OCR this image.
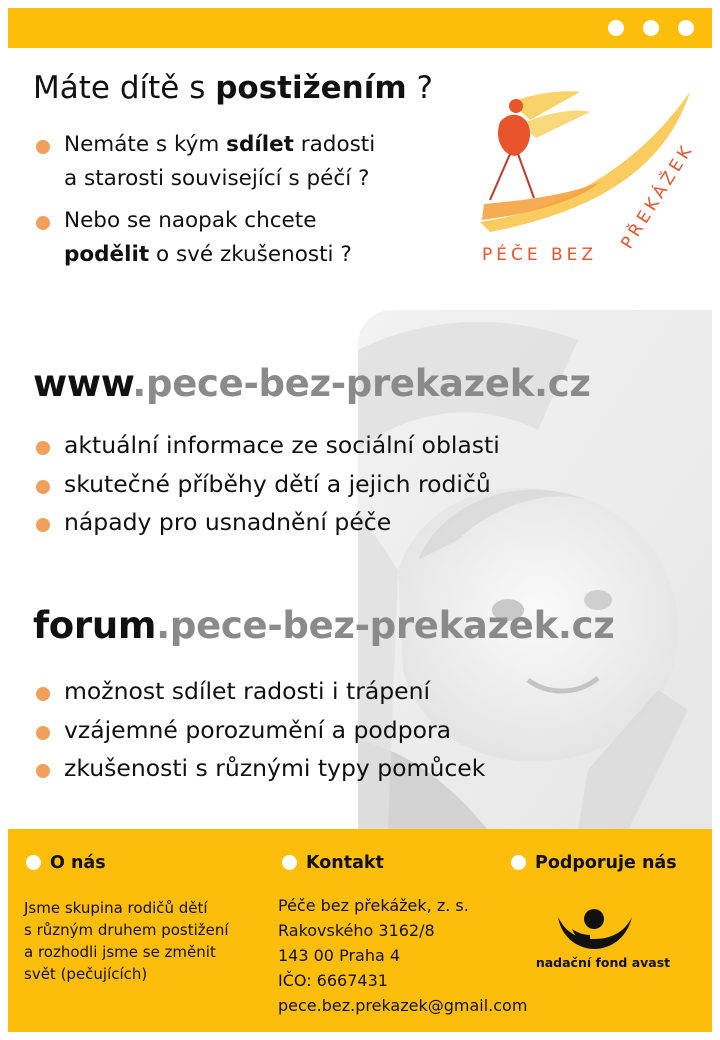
Máte dítě s postižením ?
Nemáte s kým sdílet radosti
a starosti související s péčí ?
Nebo se naopak chcete
podělit o své zkušenosti ?	PÉČE BEZ
PŘEKÁŽEK
www.pece-bez-prekazek.cz
aktuální informace ze sociální oblasti
skutečné příběhy dětí a jejich rodičů
nápady pro usnadnění péče
forum.pece-bez-prekazek.cz
možnost sdílet radosti i trápení
vzájemné porozumění a podpora
zkušenosti s různými typy pomůcek
O nás
Jsme skupina rodičů dětí
s různým druhem postižení
a rozhodli jsme se změnit
svět (pečujících)
Kontakt
Péče bez překážek, z. s.
Rakovského 3162/8
143 00 Praha 4
IČO: 6667431
pece.bez.prekazek@gmail.com
Podporuje nás
nadační fond avast
